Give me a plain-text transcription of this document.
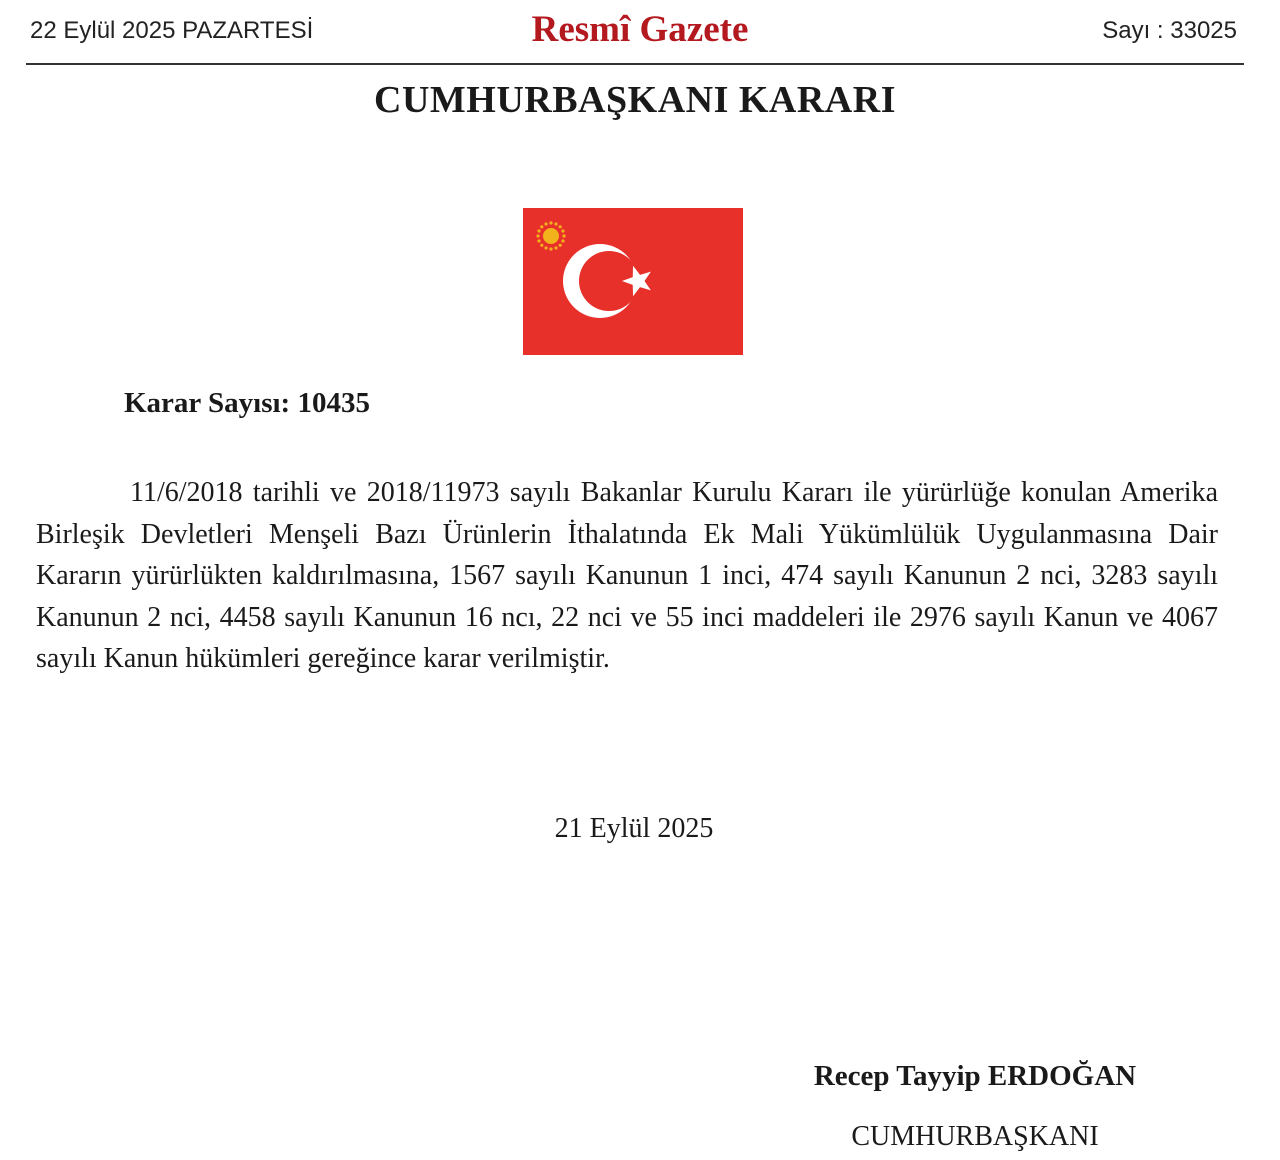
22 Eylül 2025 PAZARTESİ	Resmî Gazete	Sayı : 33025
CUMHURBAŞKANI KARARI
Karar Sayısı: 10435

11/6/2018 tarihli ve 2018/11973 sayılı Bakanlar Kurulu Kararı ile yürürlüğe konulan Amerika Birleşik Devletleri Menşeli Bazı Ürünlerin İthalatında Ek Mali Yükümlülük Uygulanmasına Dair Kararın yürürlükten kaldırılmasına, 1567 sayılı Kanunun 1 inci, 474 sayılı Kanunun 2 nci, 3283 sayılı Kanunun 2 nci, 4458 sayılı Kanunun 16 ncı, 22 nci ve 55 inci maddeleri ile 2976 sayılı Kanun ve 4067 sayılı Kanun hükümleri gereğince karar verilmiştir.

21 Eylül 2025
Recep Tayyip ERDOĞAN
CUMHURBAŞKANI
